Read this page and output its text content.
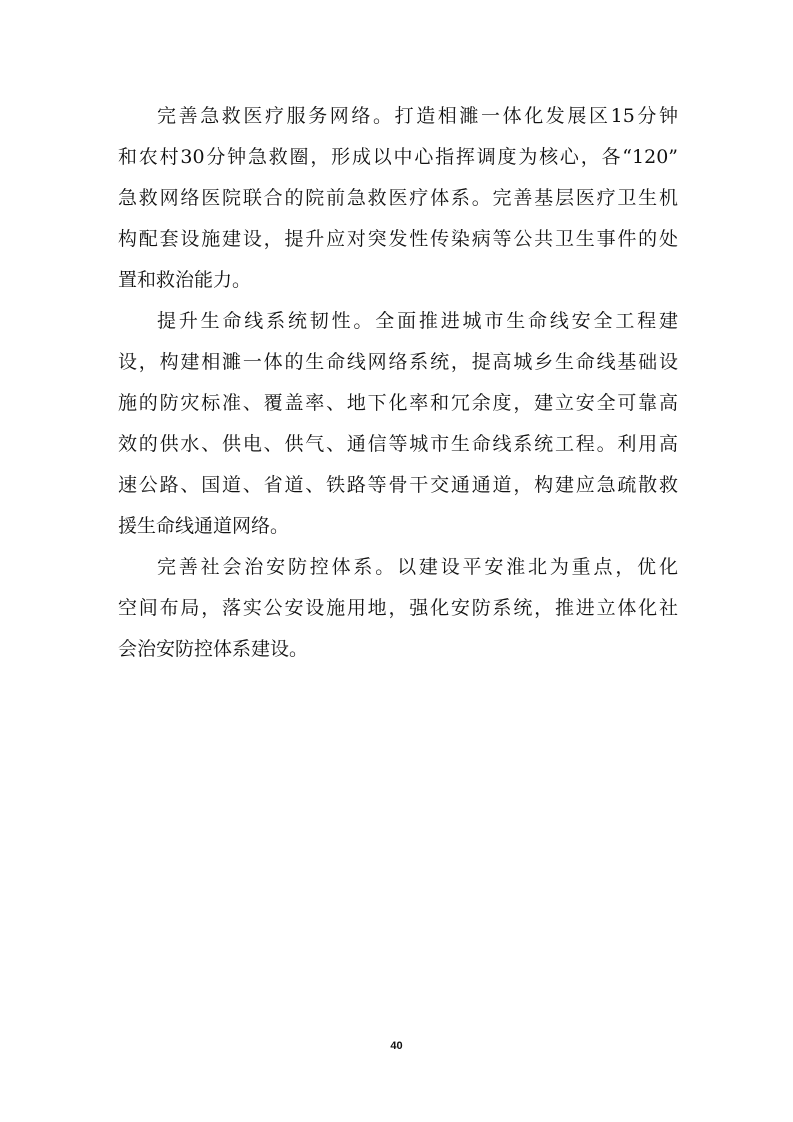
完善急救医疗服务网络。打造相濉一体化发展区15分钟
和农村30分钟急救圈，形成以中心指挥调度为核心，各“120”
急救网络医院联合的院前急救医疗体系。完善基层医疗卫生机
构配套设施建设，提升应对突发性传染病等公共卫生事件的处
置和救治能力。
提升生命线系统韧性。全面推进城市生命线安全工程建
设，构建相濉一体的生命线网络系统，提高城乡生命线基础设
施的防灾标准、覆盖率、地下化率和冗余度，建立安全可靠高
效的供水、供电、供气、通信等城市生命线系统工程。利用高
速公路、国道、省道、铁路等骨干交通通道，构建应急疏散救
援生命线通道网络。
完善社会治安防控体系。以建设平安淮北为重点，优化
空间布局，落实公安设施用地，强化安防系统，推进立体化社
会治安防控体系建设。
40
